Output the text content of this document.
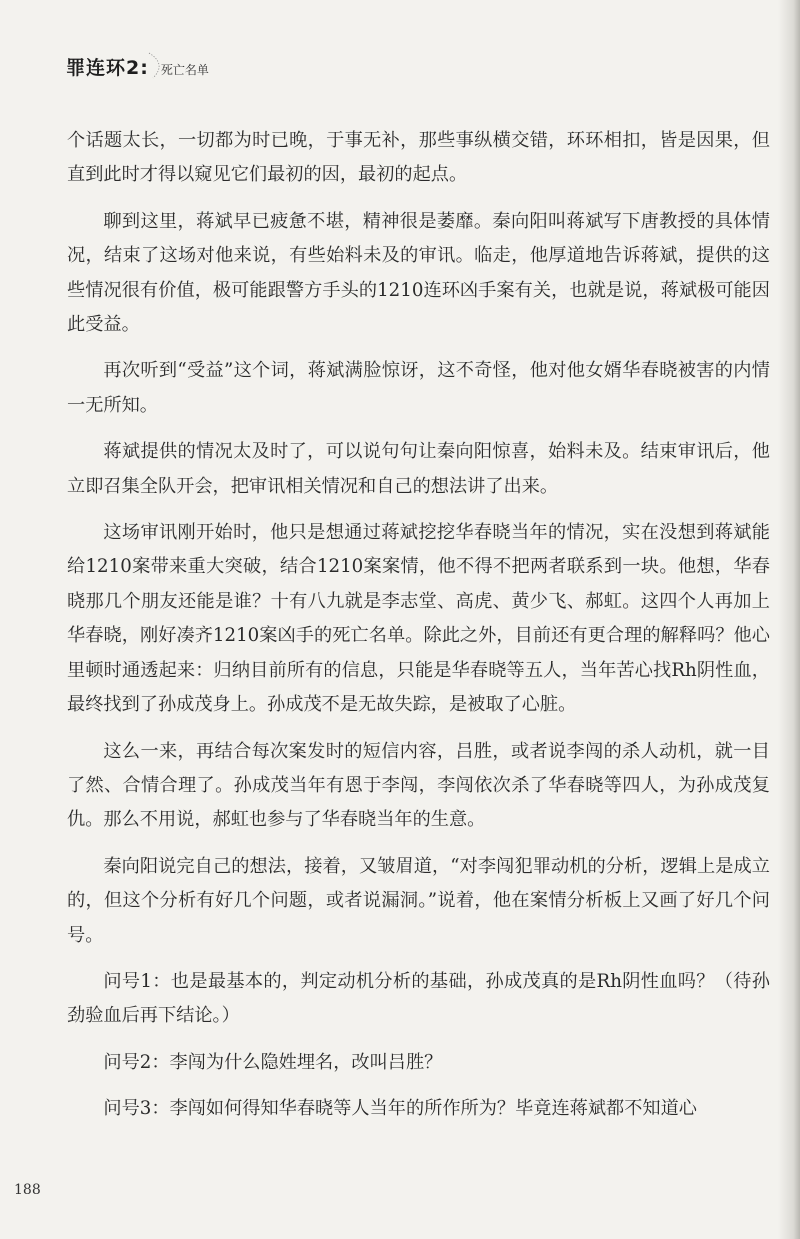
罪连环2: 死亡名单

个话题太长，一切都为时已晚，于事无补，那些事纵横交错，环环相扣，皆是因果，但直到此时才得以窥见它们最初的因，最初的起点。

聊到这里，蒋斌早已疲惫不堪，精神很是萎靡。秦向阳叫蒋斌写下唐教授的具体情况，结束了这场对他来说，有些始料未及的审讯。临走，他厚道地告诉蒋斌，提供的这些情况很有价值，极可能跟警方手头的1210连环凶手案有关，也就是说，蒋斌极可能因此受益。

再次听到“受益”这个词，蒋斌满脸惊讶，这不奇怪，他对他女婿华春晓被害的内情一无所知。

蒋斌提供的情况太及时了，可以说句句让秦向阳惊喜，始料未及。结束审讯后，他立即召集全队开会，把审讯相关情况和自己的想法讲了出来。

这场审讯刚开始时，他只是想通过蒋斌挖挖华春晓当年的情况，实在没想到蒋斌能给1210案带来重大突破，结合1210案案情，他不得不把两者联系到一块。他想，华春晓那几个朋友还能是谁？十有八九就是李志堂、高虎、黄少飞、郝虹。这四个人再加上华春晓，刚好凑齐1210案凶手的死亡名单。除此之外，目前还有更合理的解释吗？他心里顿时通透起来：归纳目前所有的信息，只能是华春晓等五人，当年苦心找Rh阴性血，最终找到了孙成茂身上。孙成茂不是无故失踪，是被取了心脏。

这么一来，再结合每次案发时的短信内容，吕胜，或者说李闯的杀人动机，就一目了然、合情合理了。孙成茂当年有恩于李闯，李闯依次杀了华春晓等四人，为孙成茂复仇。那么不用说，郝虹也参与了华春晓当年的生意。

秦向阳说完自己的想法，接着，又皱眉道，“对李闯犯罪动机的分析，逻辑上是成立的，但这个分析有好几个问题，或者说漏洞。”说着，他在案情分析板上又画了好几个问号。

问号1：也是最基本的，判定动机分析的基础，孙成茂真的是Rh阴性血吗？（待孙劲验血后再下结论。）

问号2：李闯为什么隐姓埋名，改叫吕胜？

问号3：李闯如何得知华春晓等人当年的所作所为？毕竟连蒋斌都不知道心

188
